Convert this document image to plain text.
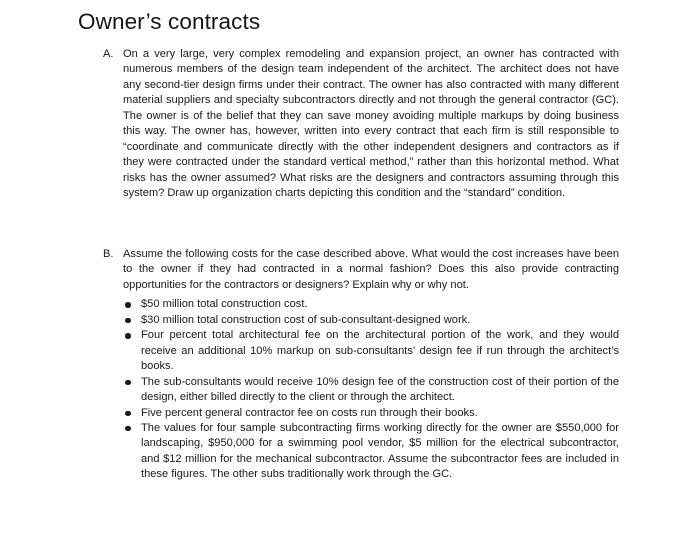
Owner’s contracts
A. On a very large, very complex remodeling and expansion project, an owner has contracted with numerous members of the design team independent of the architect. The architect does not have any second-tier design firms under their contract. The owner has also contracted with many different material suppliers and specialty subcontractors directly and not through the general contractor (GC). The owner is of the belief that they can save money avoiding multiple markups by doing business this way. The owner has, however, written into every contract that each firm is still responsible to “coordinate and communicate directly with the other independent designers and contractors as if they were contracted under the standard vertical method,” rather than this horizontal method. What risks has the owner assumed? What risks are the designers and contractors assuming through this system? Draw up organization charts depicting this condition and the “standard” condition.
B. Assume the following costs for the case described above. What would the cost increases have been to the owner if they had contracted in a normal fashion? Does this also provide contracting opportunities for the contractors or designers? Explain why or why not.
$50 million total construction cost.
$30 million total construction cost of sub-consultant-designed work.
Four percent total architectural fee on the architectural portion of the work, and they would receive an additional 10% markup on sub-consultants’ design fee if run through the architect’s books.
The sub-consultants would receive 10% design fee of the construction cost of their portion of the design, either billed directly to the client or through the architect.
Five percent general contractor fee on costs run through their books.
The values for four sample subcontracting firms working directly for the owner are $550,000 for landscaping, $950,000 for a swimming pool vendor, $5 million for the electrical subcontractor, and $12 million for the mechanical subcontractor. Assume the subcontractor fees are included in these figures. The other subs traditionally work through the GC.
